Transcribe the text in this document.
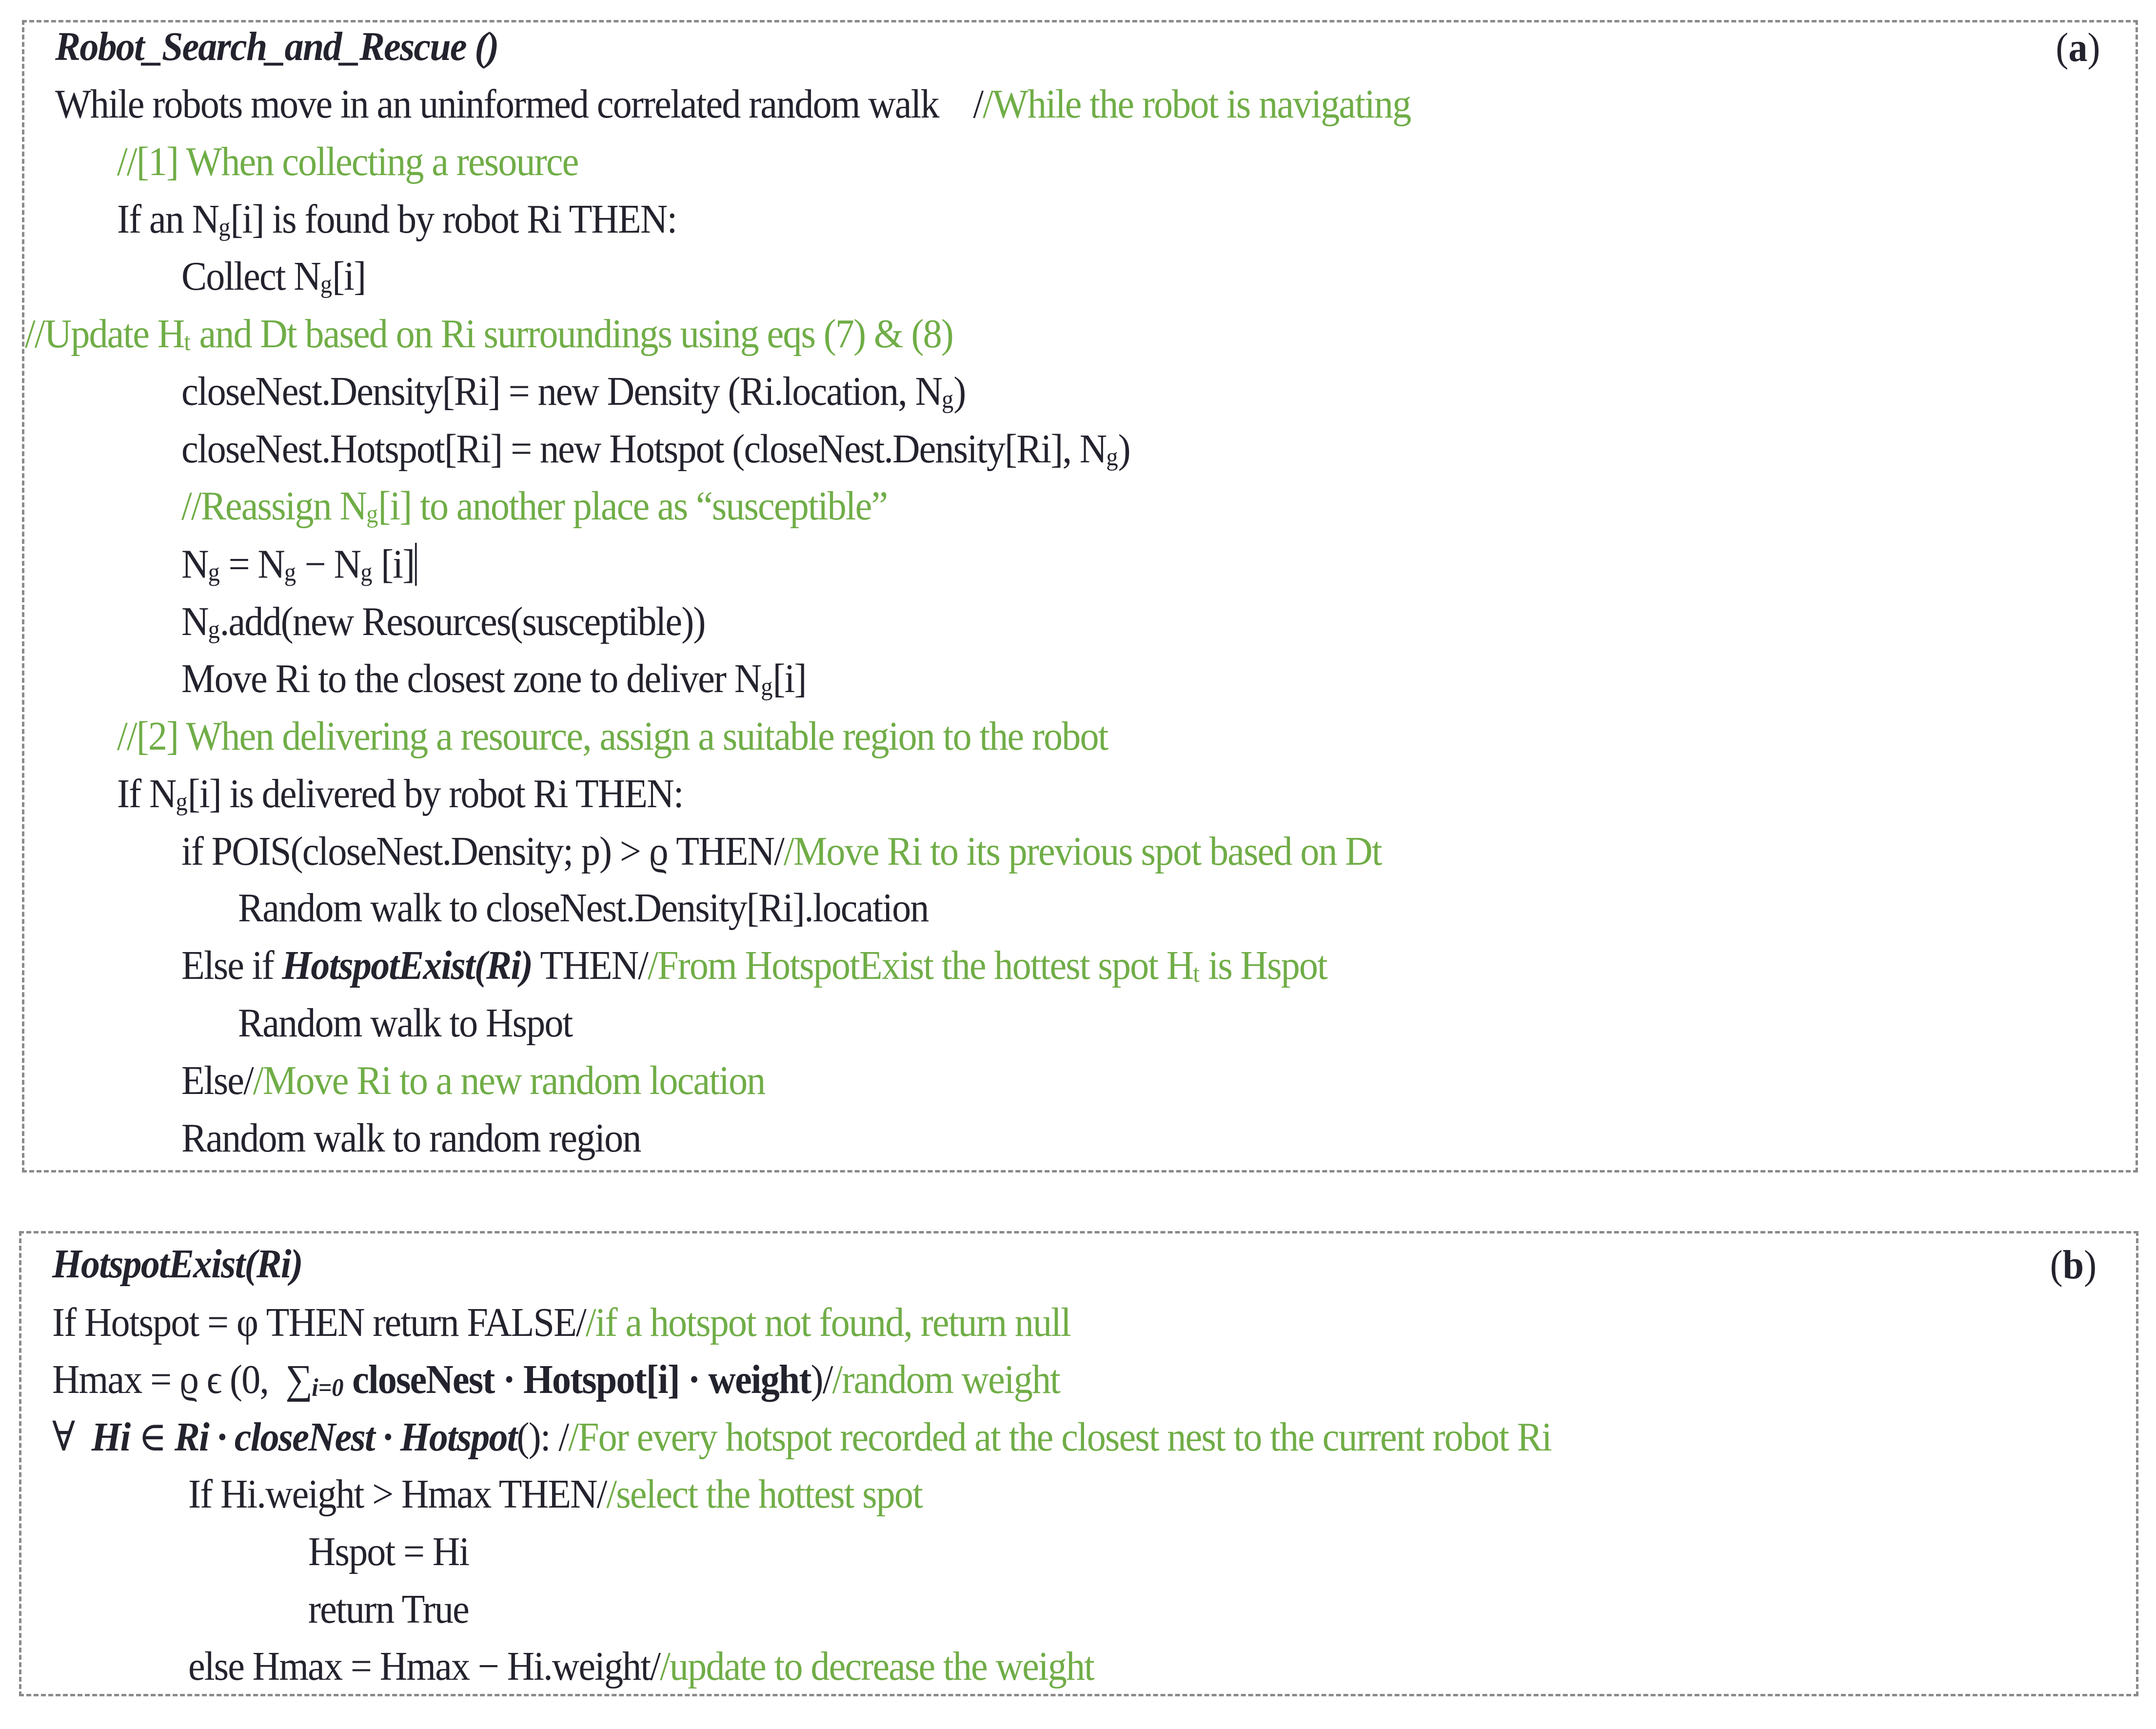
Robot_Search_and_Rescue ()	(a)
While robots move in an uninformed correlated random walk    //While the robot is navigating
//[1] When collecting a resource
If an Ng[i] is found by robot Ri THEN:
Collect Ng[i]
//Update Ht and Dt based on Ri surroundings using eqs (7) & (8)
closeNest.Density[Ri] = new Density (Ri.location, Ng)
closeNest.Hotspot[Ri] = new Hotspot (closeNest.Density[Ri], Ng)
//Reassign Ng[i] to another place as “susceptible”
Ng = Ng − Ng [i]
Ng.add(new Resources(susceptible))
Move Ri to the closest zone to deliver Ng[i]
//[2] When delivering a resource, assign a suitable region to the robot
If Ng[i] is delivered by robot Ri THEN:
if POIS(closeNest.Density; p) > ϱ THEN//Move Ri to its previous spot based on Dt
Random walk to closeNest.Density[Ri].location
Else if HotspotExist(Ri) THEN//From HotspotExist the hottest spot Ht is Hspot
Random walk to Hspot
Else//Move Ri to a new random location
Random walk to random region
HotspotExist(Ri)	(b)
If Hotspot = φ THEN return FALSE//if a hotspot not found, return null
Hmax = ϱ ϵ (0,  ∑i=0 closeNest · Hotspot[i] · weight)//random weight
∀  Hi ∈ Ri · closeNest · Hotspot(): //For every hotspot recorded at the closest nest to the current robot Ri
If Hi.weight > Hmax THEN//select the hottest spot
Hspot = Hi
return True
else Hmax = Hmax − Hi.weight//update to decrease the weight
